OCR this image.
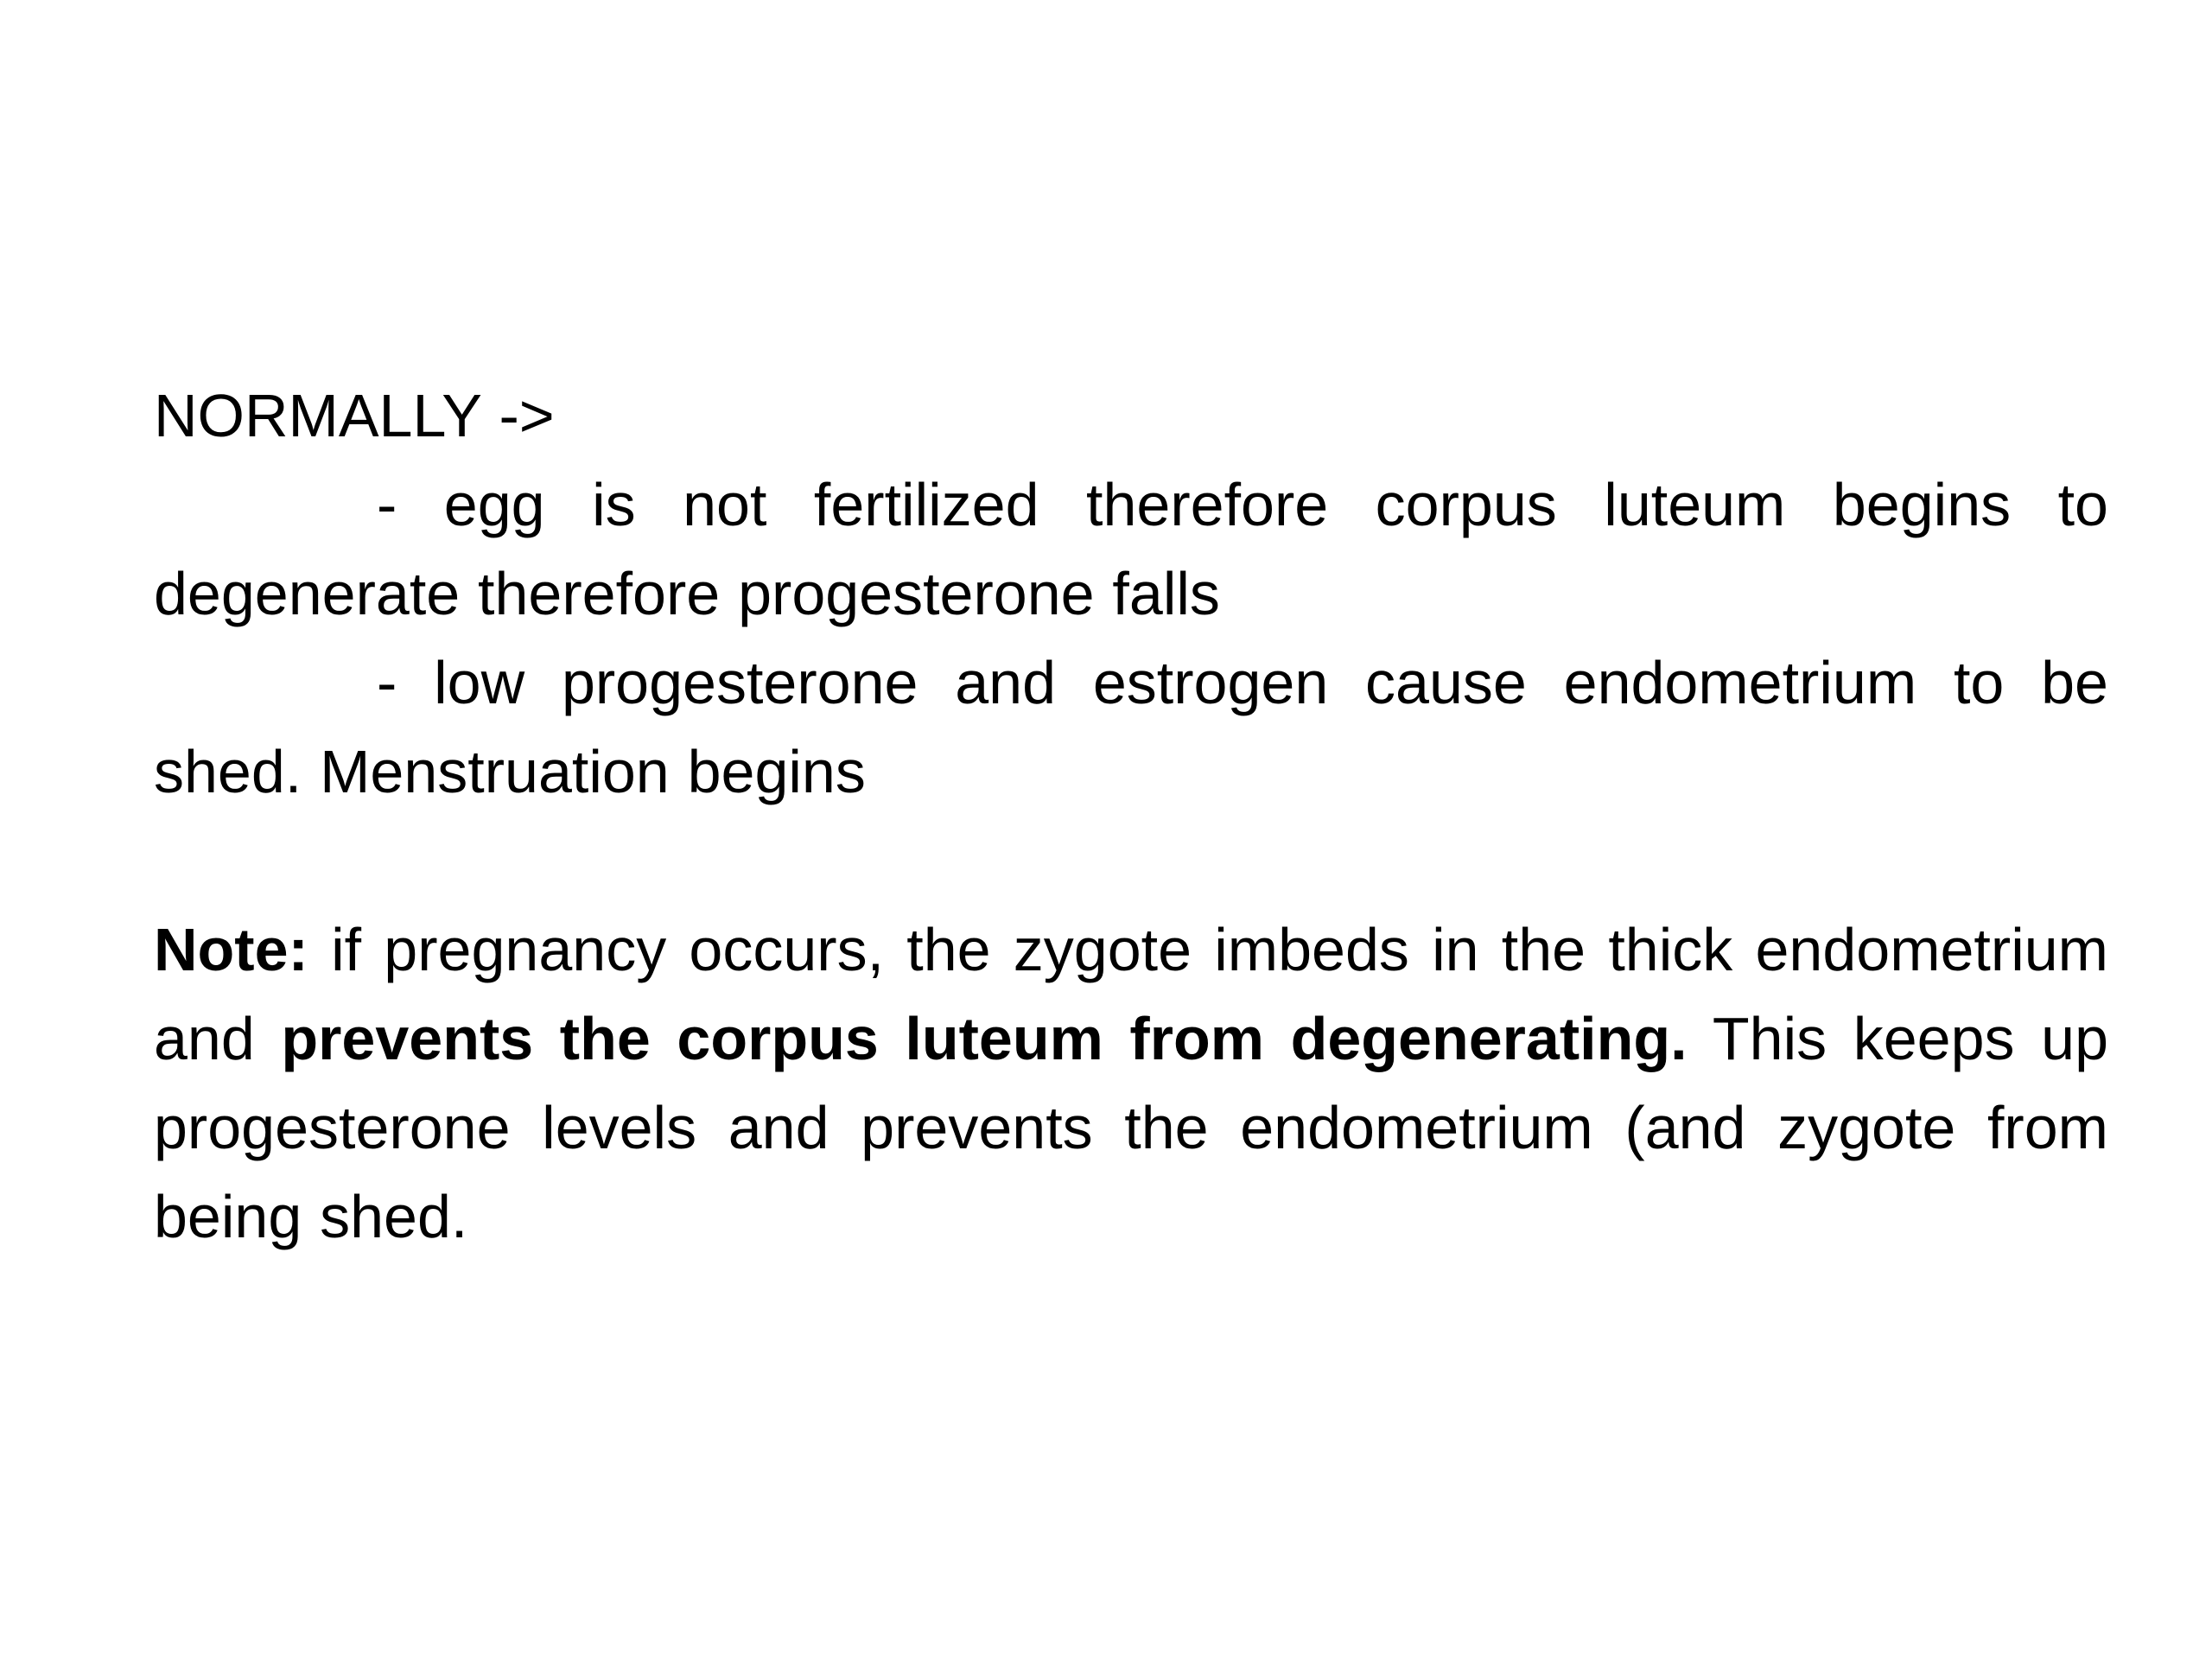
NORMALLY ->

- egg is not fertilized therefore corpus luteum begins to degenerate therefore progesterone falls

- low progesterone and estrogen cause endometrium to be shed. Menstruation begins

Note: if pregnancy occurs, the zygote imbeds in the thick endometrium and prevents the corpus luteum from degenerating. This keeps up progesterone levels and prevents the endometrium (and zygote from being shed.
